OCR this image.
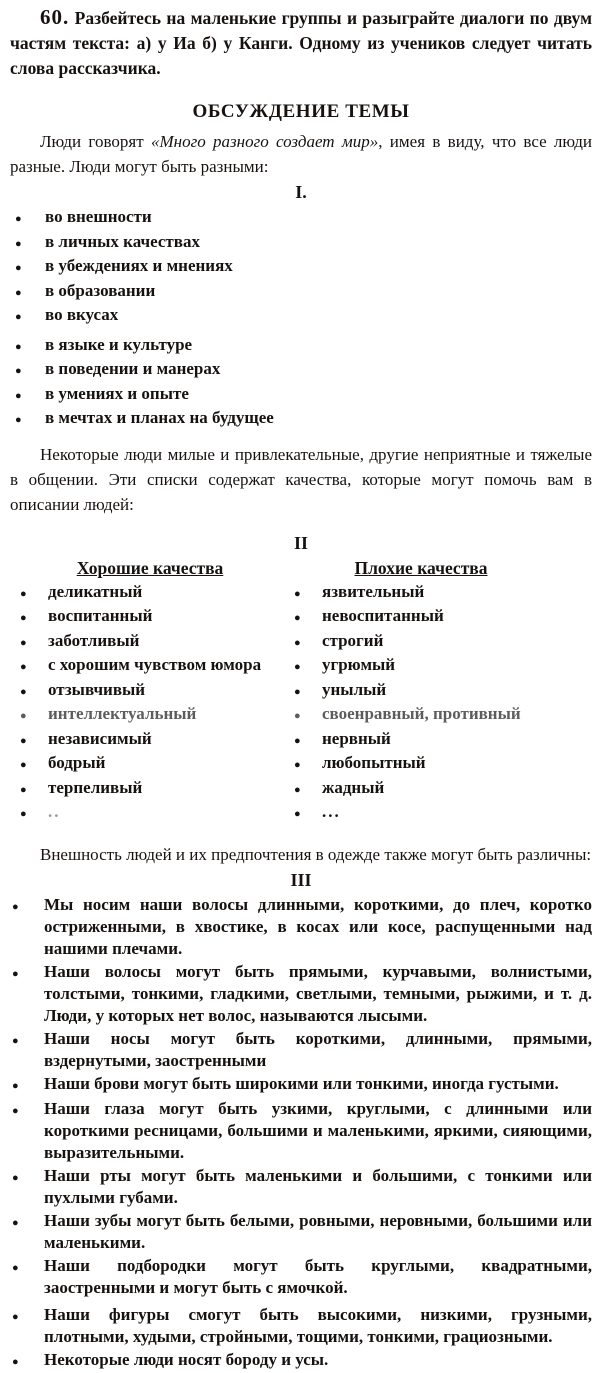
60. Разбейтесь на маленькие группы и разыграйте диалоги по двум частям текста: а) у Иа б) у Канги. Одному из учеников следует читать слова рассказчика.

ОБСУЖДЕНИЕ ТЕМЫ

Люди говорят «Много разного создает мир», имея в виду, что все люди разные. Люди могут быть разными:

I.
●	во внешности
●	в личных качествах
●	в убеждениях и мнениях
●	в образовании
●	во вкусах
●	в языке и культуре
●	в поведении и манерах
●	в умениях и опыте
●	в мечтах и планах на будущее

Некоторые люди милые и привлекательные, другие неприятные и тяжелые в общении. Эти списки содержат качества, которые могут помочь вам в описании людей:

II
Хорошие качества
●	деликатный
●	воспитанный
●	заботливый
●	с хорошим чувством юмора
●	отзывчивый
●	интеллектуальный
●	независимый
●	бодрый
●	терпеливый
●	..
Плохие качества
●	язвительный
●	невоспитанный
●	строгий
●	угрюмый
●	унылый
●	своенравный, противный
●	нервный
●	любопытный
●	жадный
●	...

Внешность людей и их предпочтения в одежде также могут быть различны:

III
●	Мы носим наши волосы длинными, короткими, до плеч, коротко остриженными, в хвостике, в косах или косе, распущенными над нашими плечами.
●	Наши волосы могут быть прямыми, курчавыми, волнистыми, толстыми, тонкими, гладкими, светлыми, темными, рыжими, и т. д. Люди, у которых нет волос, называются лысыми.
●	Наши носы могут быть короткими, длинными, прямыми, вздернутыми, заостренными
●	Наши брови могут быть широкими или тонкими, иногда густыми.
●	Наши глаза могут быть узкими, круглыми, с длинными или короткими ресницами, большими и маленькими, яркими, сияющими, выразительными.
●	Наши рты могут быть маленькими и большими, с тонкими или пухлыми губами.
●	Наши зубы могут быть белыми, ровными, неровными, большими или маленькими.
●	Наши подбородки могут быть круглыми, квадратными, заостренными и могут быть с ямочкой.
●	Наши фигуры смогут быть высокими, низкими, грузными, плотными, худыми, стройными, тощими, тонкими, грациозными.
●	Некоторые люди носят бороду и усы.
